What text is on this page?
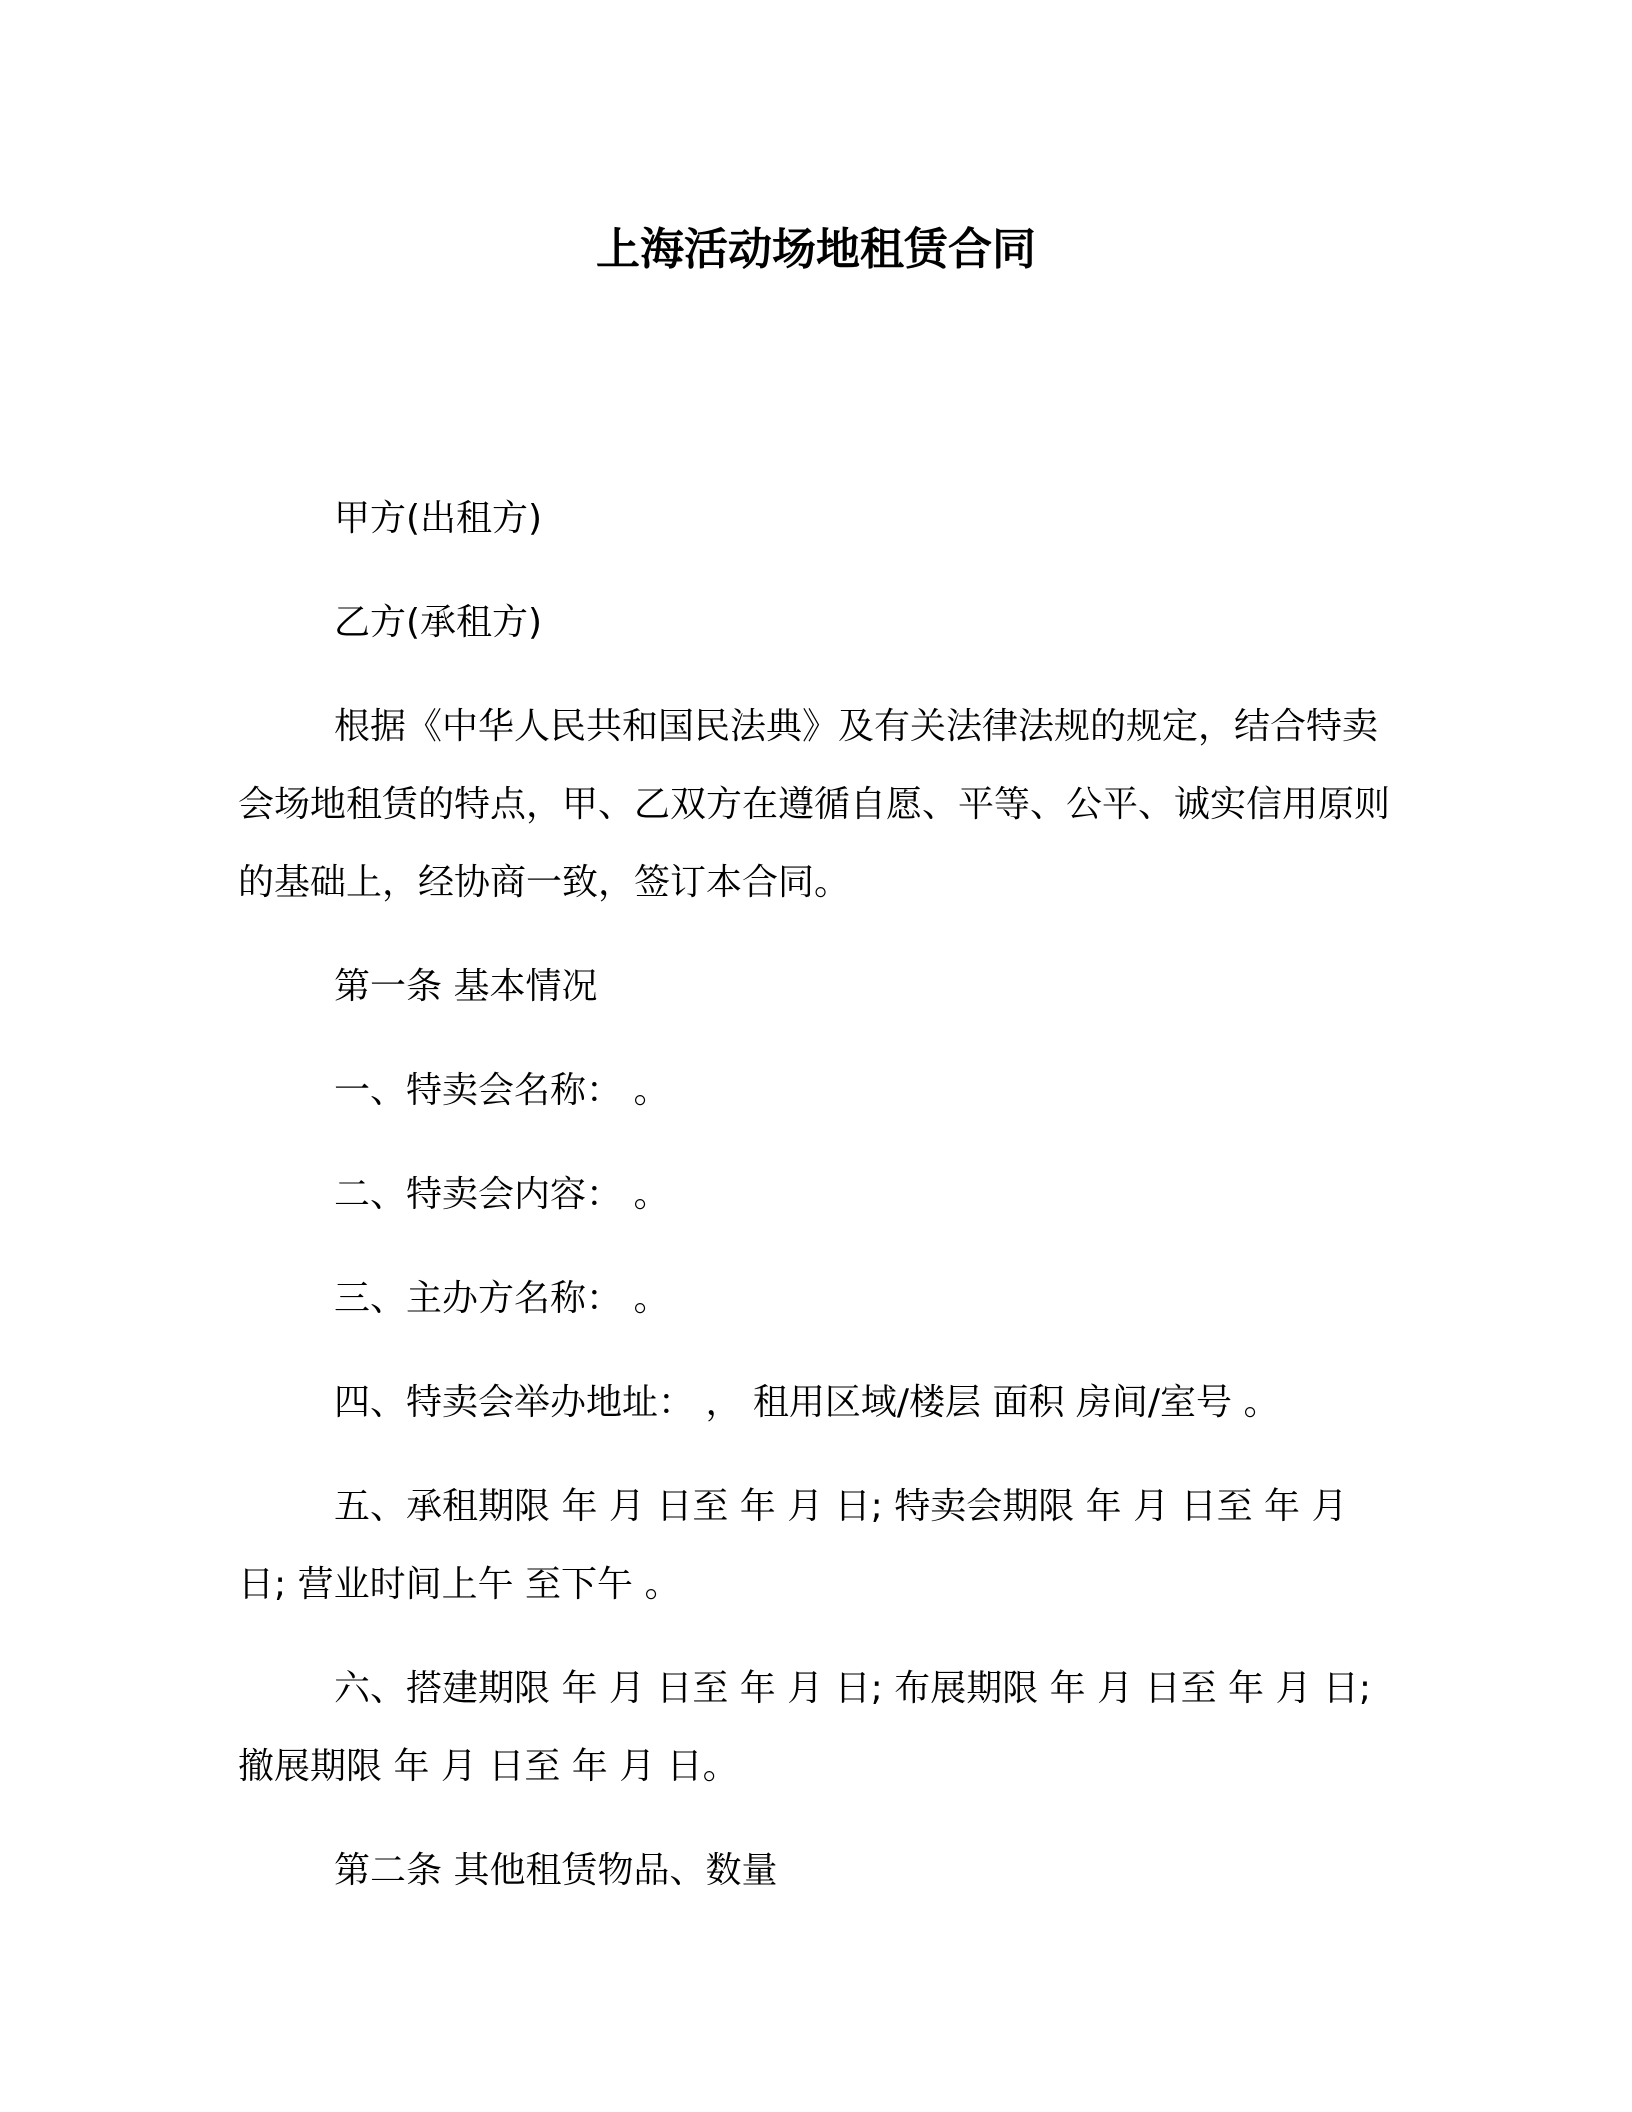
上海活动场地租赁合同

甲方(出租方)

乙方(承租方)

根据《中华人民共和国民法典》及有关法律法规的规定，结合特卖会场地租赁的特点，甲、乙双方在遵循自愿、平等、公平、诚实信用原则的基础上，经协商一致，签订本合同。

第一条 基本情况

一、特卖会名称： 。

二、特卖会内容： 。

三、主办方名称： 。

四、特卖会举办地址： ， 租用区域/楼层 面积 房间/室号 。

五、承租期限 年 月 日至 年 月 日; 特卖会期限 年 月 日至 年 月 日; 营业时间上午 至下午 。

六、搭建期限 年 月 日至 年 月 日; 布展期限 年 月 日至 年 月 日; 撤展期限 年 月 日至 年 月 日。

第二条 其他租赁物品、数量
